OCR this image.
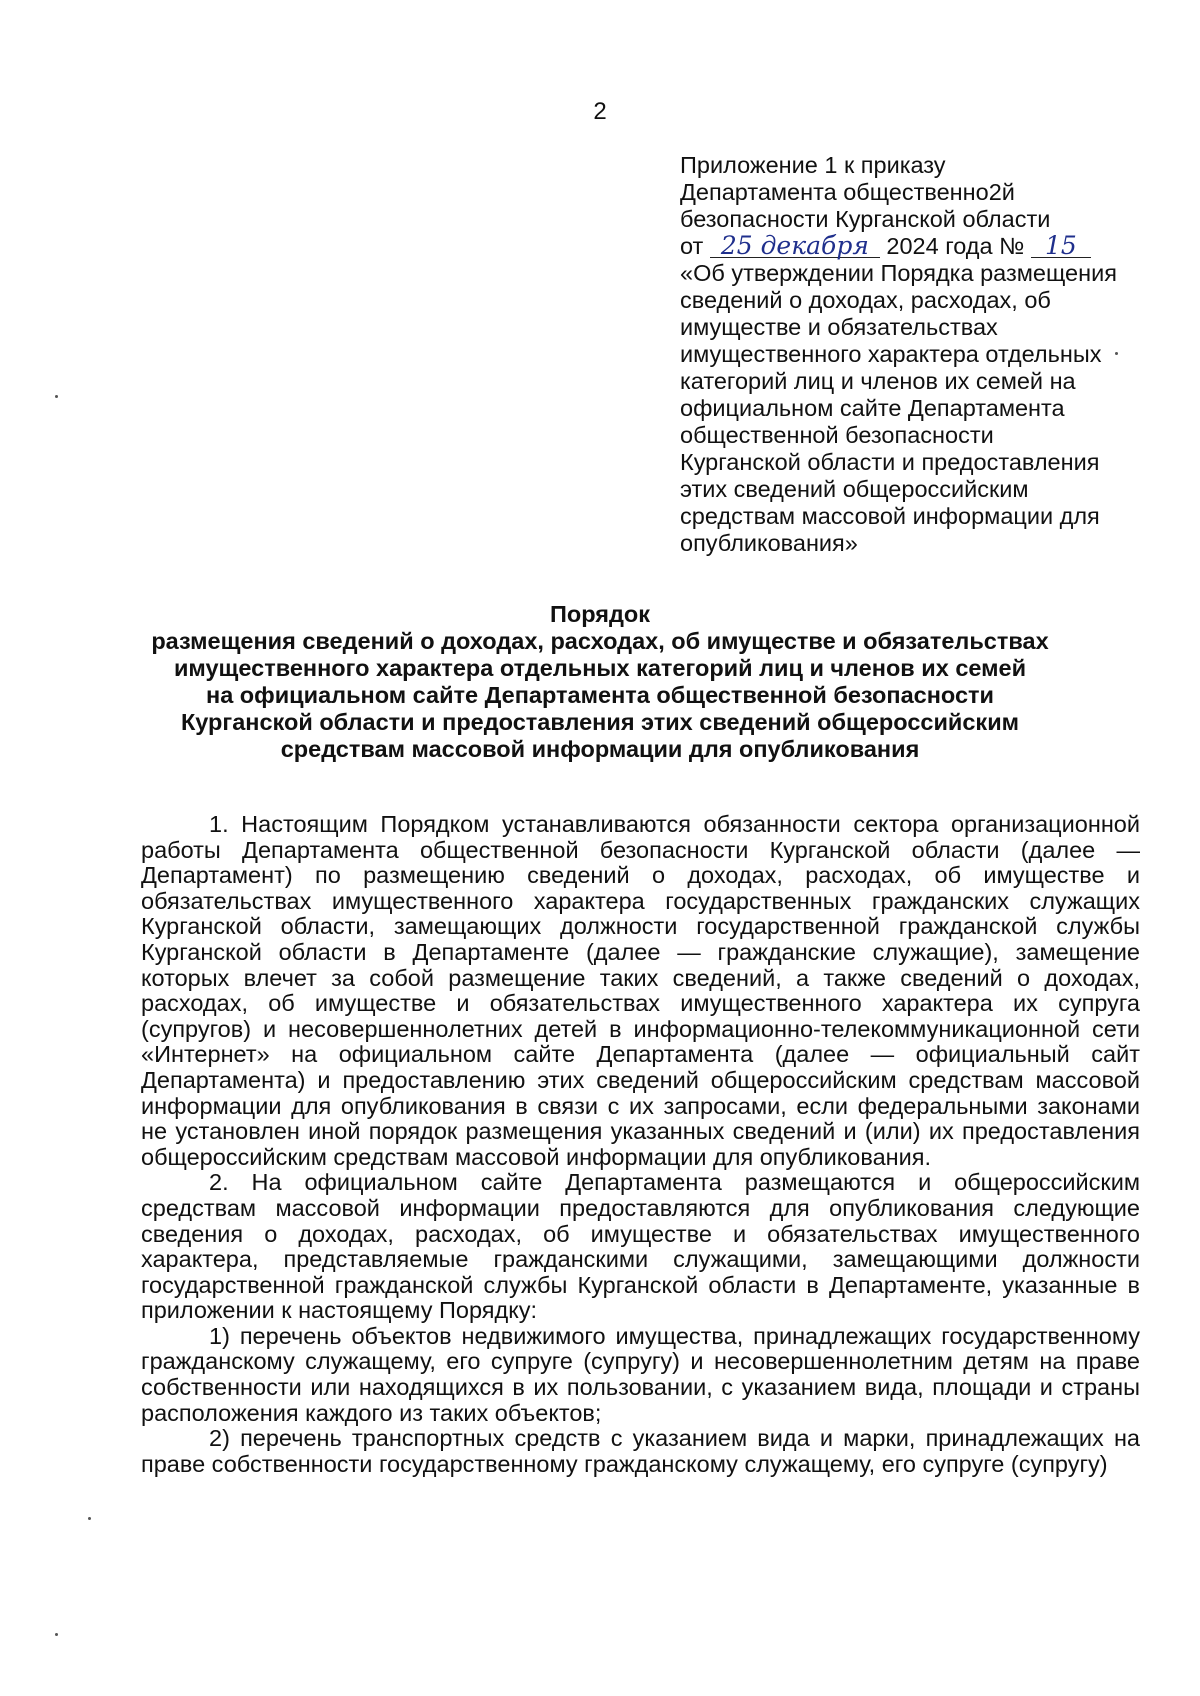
2
Приложение 1 к приказу
Департамента общественно2й
безопасности Курганской области
от 25 декабря 2024 года № 15
«Об утверждении Порядка размещения
сведений о доходах, расходах, об
имуществе и обязательствах
имущественного характера отдельных
категорий лиц и членов их семей на
официальном сайте Департамента
общественной безопасности
Курганской области и предоставления
этих сведений общероссийским
средствам массовой информации для
опубликования»
Порядок
размещения сведений о доходах, расходах, об имуществе и обязательствах
имущественного характера отдельных категорий лиц и членов их семей
на официальном сайте Департамента общественной безопасности
Курганской области и предоставления этих сведений общероссийским
средствам массовой информации для опубликования

1. Настоящим Порядком устанавливаются обязанности сектора организационной работы Департамента общественной безопасности Курганской области (далее — Департамент) по размещению сведений о доходах, расходах, об имуществе и обязательствах имущественного характера государственных гражданских служащих Курганской области, замещающих должности государственной гражданской службы Курганской области в Департаменте (далее — гражданские служащие), замещение которых влечет за собой размещение таких сведений, а также сведений о доходах, расходах, об имуществе и обязательствах имущественного характера их супруга (супругов) и несовершеннолетних детей в информационно-телекоммуникационной сети «Интернет» на официальном сайте Департамента (далее — официальный сайт Департамента) и предоставлению этих сведений общероссийским средствам массовой информации для опубликования в связи с их запросами, если федеральными законами не установлен иной порядок размещения указанных сведений и (или) их предоставления общероссийским средствам массовой информации для опубликования.

2. На официальном сайте Департамента размещаются и общероссийским средствам массовой информации предоставляются для опубликования следующие сведения о доходах, расходах, об имуществе и обязательствах имущественного характера, представляемые гражданскими служащими, замещающими должности государственной гражданской службы Курганской области в Департаменте, указанные в приложении к настоящему Порядку:

1) перечень объектов недвижимого имущества, принадлежащих государственному гражданскому служащему, его супруге (супругу) и несовершеннолетним детям на праве собственности или находящихся в их пользовании, с указанием вида, площади и страны расположения каждого из таких объектов;

2) перечень транспортных средств с указанием вида и марки, принадлежащих на праве собственности государственному гражданскому служащему, его супруге (супругу)
